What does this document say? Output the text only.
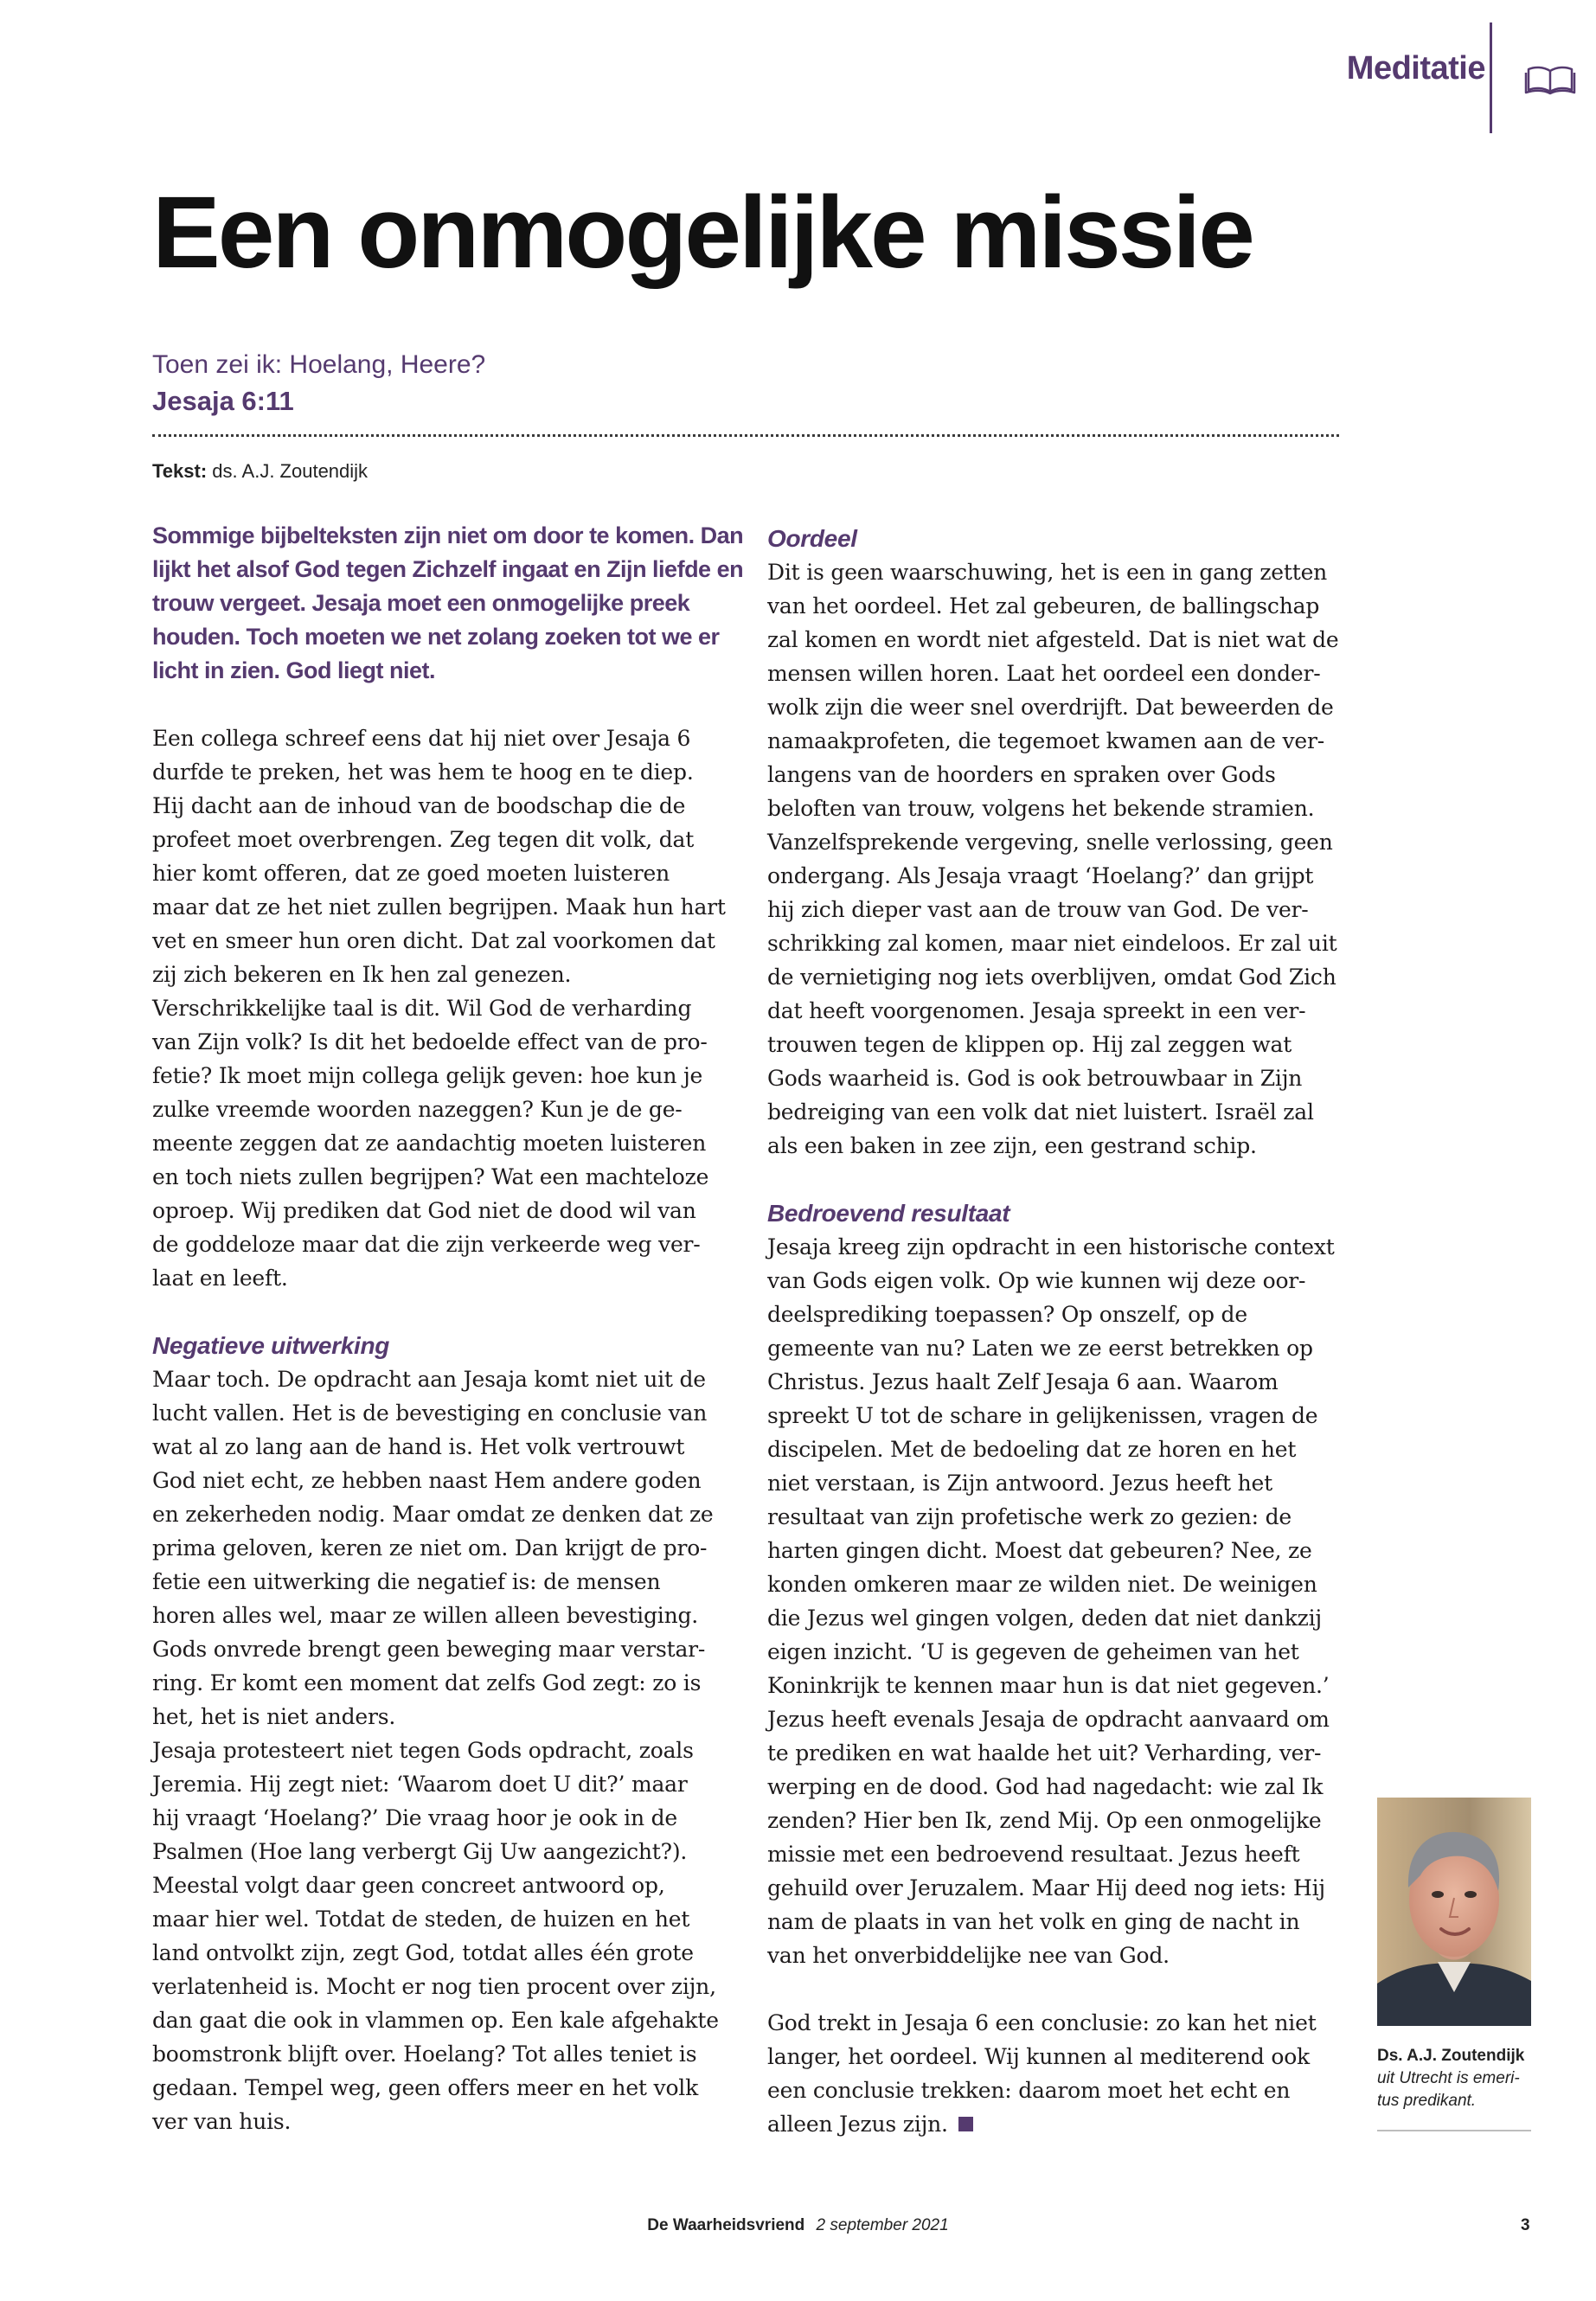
Meditatie
Een onmogelijke missie
Toen zei ik: Hoelang, Heere?
Jesaja 6:11
Tekst: ds. A.J. Zoutendijk
Sommige bijbelteksten zijn niet om door te komen. Dan
lijkt het alsof God tegen Zichzelf ingaat en Zijn liefde en
trouw vergeet. Jesaja moet een onmogelijke preek
houden. Toch moeten we net zolang zoeken tot we er
licht in zien. God liegt niet.
Een collega schreef eens dat hij niet over Jesaja 6
durfde te preken, het was hem te hoog en te diep.
Hij dacht aan de inhoud van de boodschap die de
profeet moet overbrengen. Zeg tegen dit volk, dat
hier komt offeren, dat ze goed moeten luisteren
maar dat ze het niet zullen begrijpen. Maak hun hart
vet en smeer hun oren dicht. Dat zal voorkomen dat
zij zich bekeren en Ik hen zal genezen.
Verschrikkelijke taal is dit. Wil God de verharding
van Zijn volk? Is dit het bedoelde effect van de pro-
fetie? Ik moet mijn collega gelijk geven: hoe kun je
zulke vreemde woorden nazeggen? Kun je de ge-
meente zeggen dat ze aandachtig moeten luisteren
en toch niets zullen begrijpen? Wat een machteloze
oproep. Wij prediken dat God niet de dood wil van
de goddeloze maar dat die zijn verkeerde weg ver-
laat en leeft.
Negatieve uitwerking
Maar toch. De opdracht aan Jesaja komt niet uit de
lucht vallen. Het is de bevestiging en conclusie van
wat al zo lang aan de hand is. Het volk vertrouwt
God niet echt, ze hebben naast Hem andere goden
en zekerheden nodig. Maar omdat ze denken dat ze
prima geloven, keren ze niet om. Dan krijgt de pro-
fetie een uitwerking die negatief is: de mensen
horen alles wel, maar ze willen alleen bevestiging.
Gods onvrede brengt geen beweging maar verstar-
ring. Er komt een moment dat zelfs God zegt: zo is
het, het is niet anders.
Jesaja protesteert niet tegen Gods opdracht, zoals
Jeremia. Hij zegt niet: ‘Waarom doet U dit?’ maar
hij vraagt ‘Hoelang?’ Die vraag hoor je ook in de
Psalmen (Hoe lang verbergt Gij Uw aangezicht?).
Meestal volgt daar geen concreet antwoord op,
maar hier wel. Totdat de steden, de huizen en het
land ontvolkt zijn, zegt God, totdat alles één grote
verlatenheid is. Mocht er nog tien procent over zijn,
dan gaat die ook in vlammen op. Een kale afgehakte
boomstronk blijft over. Hoelang? Tot alles teniet is
gedaan. Tempel weg, geen offers meer en het volk
ver van huis.
Oordeel
Dit is geen waarschuwing, het is een in gang zetten
van het oordeel. Het zal gebeuren, de ballingschap
zal komen en wordt niet afgesteld. Dat is niet wat de
mensen willen horen. Laat het oordeel een donder-
wolk zijn die weer snel overdrijft. Dat beweerden de
namaakprofeten, die tegemoet kwamen aan de ver-
langens van de hoorders en spraken over Gods
beloften van trouw, volgens het bekende stramien.
Vanzelfsprekende vergeving, snelle verlossing, geen
ondergang. Als Jesaja vraagt ‘Hoelang?’ dan grijpt
hij zich dieper vast aan de trouw van God. De ver-
schrikking zal komen, maar niet eindeloos. Er zal uit
de vernietiging nog iets overblijven, omdat God Zich
dat heeft voorgenomen. Jesaja spreekt in een ver-
trouwen tegen de klippen op. Hij zal zeggen wat
Gods waarheid is. God is ook betrouwbaar in Zijn
bedreiging van een volk dat niet luistert. Israël zal
als een baken in zee zijn, een gestrand schip.
Bedroevend resultaat
Jesaja kreeg zijn opdracht in een historische context
van Gods eigen volk. Op wie kunnen wij deze oor-
deelsprediking toepassen? Op onszelf, op de
gemeente van nu? Laten we ze eerst betrekken op
Christus. Jezus haalt Zelf Jesaja 6 aan. Waarom
spreekt U tot de schare in gelijkenissen, vragen de
discipelen. Met de bedoeling dat ze horen en het
niet verstaan, is Zijn antwoord. Jezus heeft het
resultaat van zijn profetische werk zo gezien: de
harten gingen dicht. Moest dat gebeuren? Nee, ze
konden omkeren maar ze wilden niet. De weinigen
die Jezus wel gingen volgen, deden dat niet dankzij
eigen inzicht. ‘U is gegeven de geheimen van het
Koninkrijk te kennen maar hun is dat niet gegeven.’
Jezus heeft evenals Jesaja de opdracht aanvaard om
te prediken en wat haalde het uit? Verharding, ver-
werping en de dood. God had nagedacht: wie zal Ik
zenden? Hier ben Ik, zend Mij. Op een onmogelijke
missie met een bedroevend resultaat. Jezus heeft
gehuild over Jeruzalem. Maar Hij deed nog iets: Hij
nam de plaats in van het volk en ging de nacht in
van het onverbiddelijke nee van God.
God trekt in Jesaja 6 een conclusie: zo kan het niet
langer, het oordeel. Wij kunnen al mediterend ook
een conclusie trekken: daarom moet het echt en
alleen Jezus zijn.
Ds. A.J. Zoutendijk
uit Utrecht is emeri-
tus predikant.
De Waarheidsvriend 2 september 2021	3
